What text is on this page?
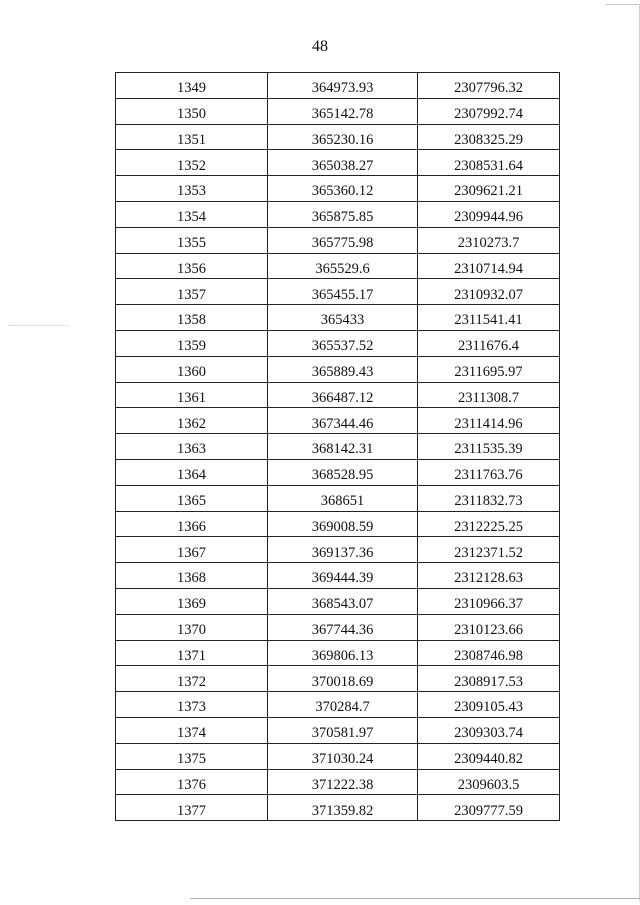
48
1349	364973.93	2307796.32
1350	365142.78	2307992.74
1351	365230.16	2308325.29
1352	365038.27	2308531.64
1353	365360.12	2309621.21
1354	365875.85	2309944.96
1355	365775.98	2310273.7
1356	365529.6	2310714.94
1357	365455.17	2310932.07
1358	365433	2311541.41
1359	365537.52	2311676.4
1360	365889.43	2311695.97
1361	366487.12	2311308.7
1362	367344.46	2311414.96
1363	368142.31	2311535.39
1364	368528.95	2311763.76
1365	368651	2311832.73
1366	369008.59	2312225.25
1367	369137.36	2312371.52
1368	369444.39	2312128.63
1369	368543.07	2310966.37
1370	367744.36	2310123.66
1371	369806.13	2308746.98
1372	370018.69	2308917.53
1373	370284.7	2309105.43
1374	370581.97	2309303.74
1375	371030.24	2309440.82
1376	371222.38	2309603.5
1377	371359.82	2309777.59
